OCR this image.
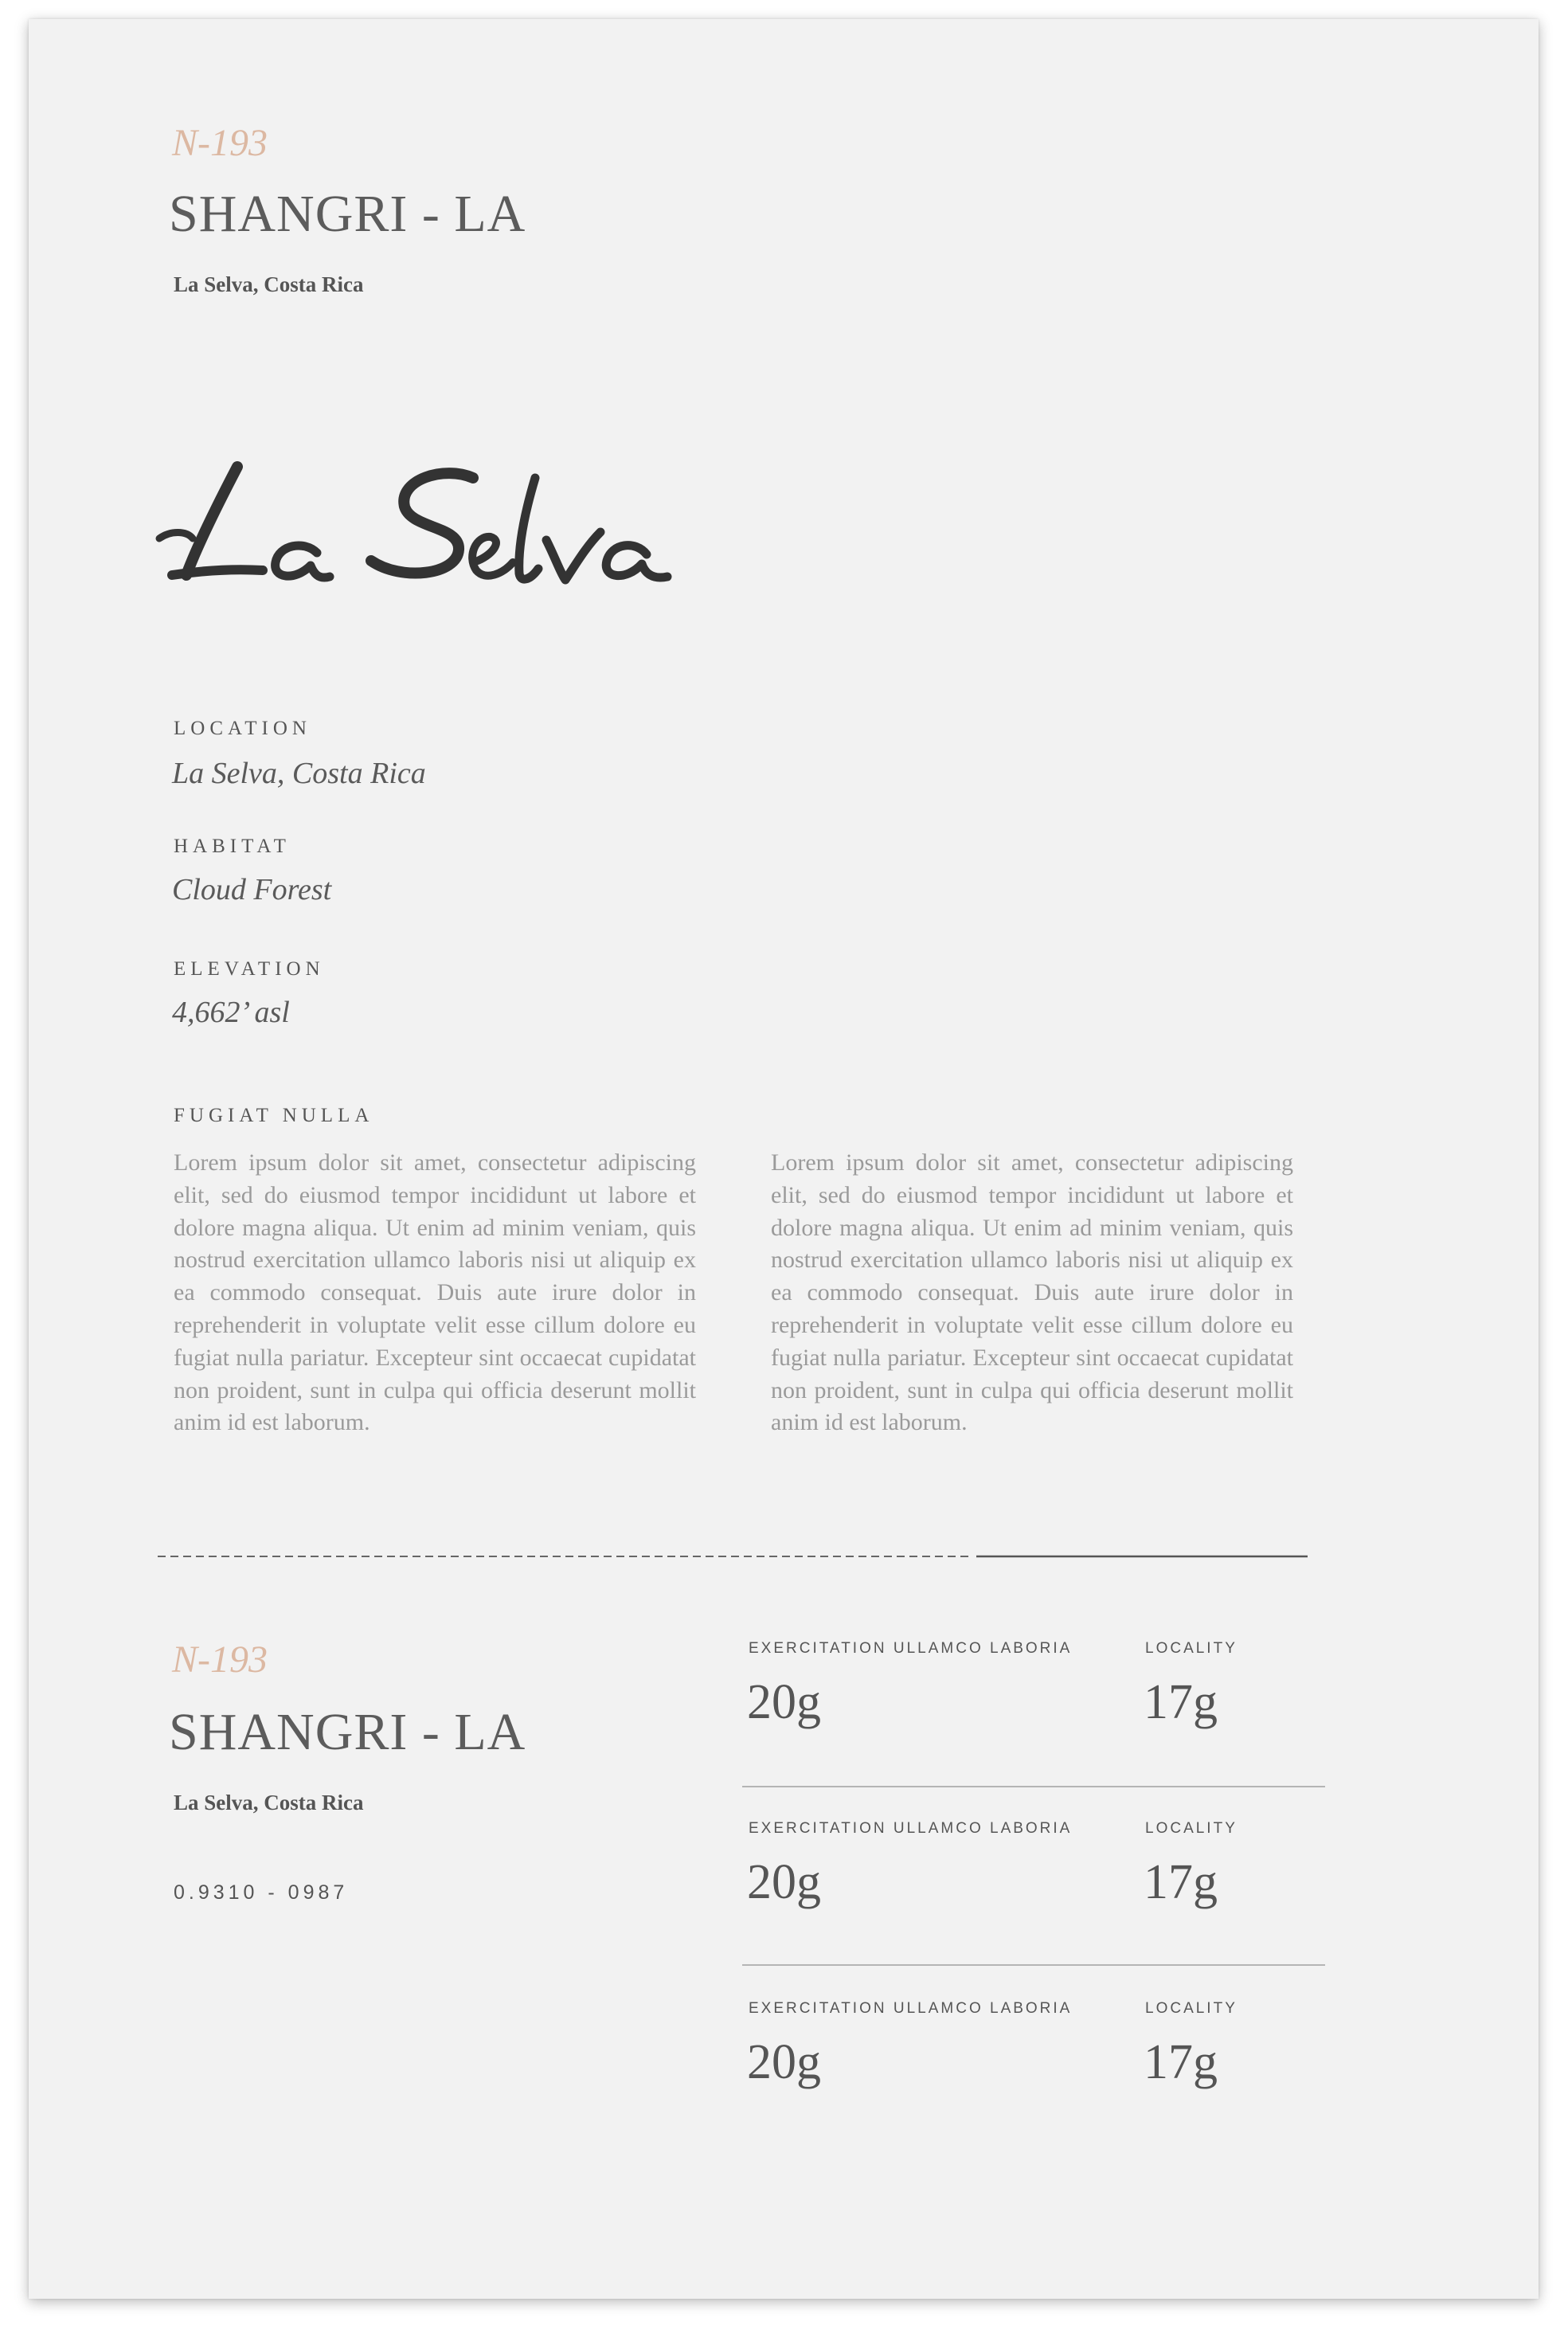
N-193
SHANGRI - LA
La Selva, Costa Rica
LOCATION
La Selva, Costa Rica
HABITAT
Cloud Forest
ELEVATION
4,662’ asl
FUGIAT NULLA
Lorem ipsum dolor sit amet, consectetur adipiscing elit, sed do eiusmod tempor incididunt ut labore et dolore magna aliqua. Ut enim ad minim veniam, quis nostrud exercitation ullamco laboris nisi ut aliquip ex ea commodo consequat. Duis aute irure dolor in reprehenderit in voluptate velit esse cillum dolore eu fugiat nulla pariatur. Excepteur sint occaecat cupidatat non proident, sunt in culpa qui officia deserunt mollit anim id est laborum.
Lorem ipsum dolor sit amet, consectetur adipiscing elit, sed do eiusmod tempor incididunt ut labore et dolore magna aliqua. Ut enim ad minim veniam, quis nostrud exercitation ullamco laboris nisi ut aliquip ex ea commodo consequat. Duis aute irure dolor in reprehenderit in voluptate velit esse cillum dolore eu fugiat nulla pariatur. Excepteur sint occaecat cupidatat non proident, sunt in culpa qui officia deserunt mollit anim id est laborum.
N-193
SHANGRI - LA
La Selva, Costa Rica
0.9310 - 0987
EXERCITATION ULLAMCO LABORIA
20g
LOCALITY
17g
EXERCITATION ULLAMCO LABORIA
20g
LOCALITY
17g
EXERCITATION ULLAMCO LABORIA
20g
LOCALITY
17g
